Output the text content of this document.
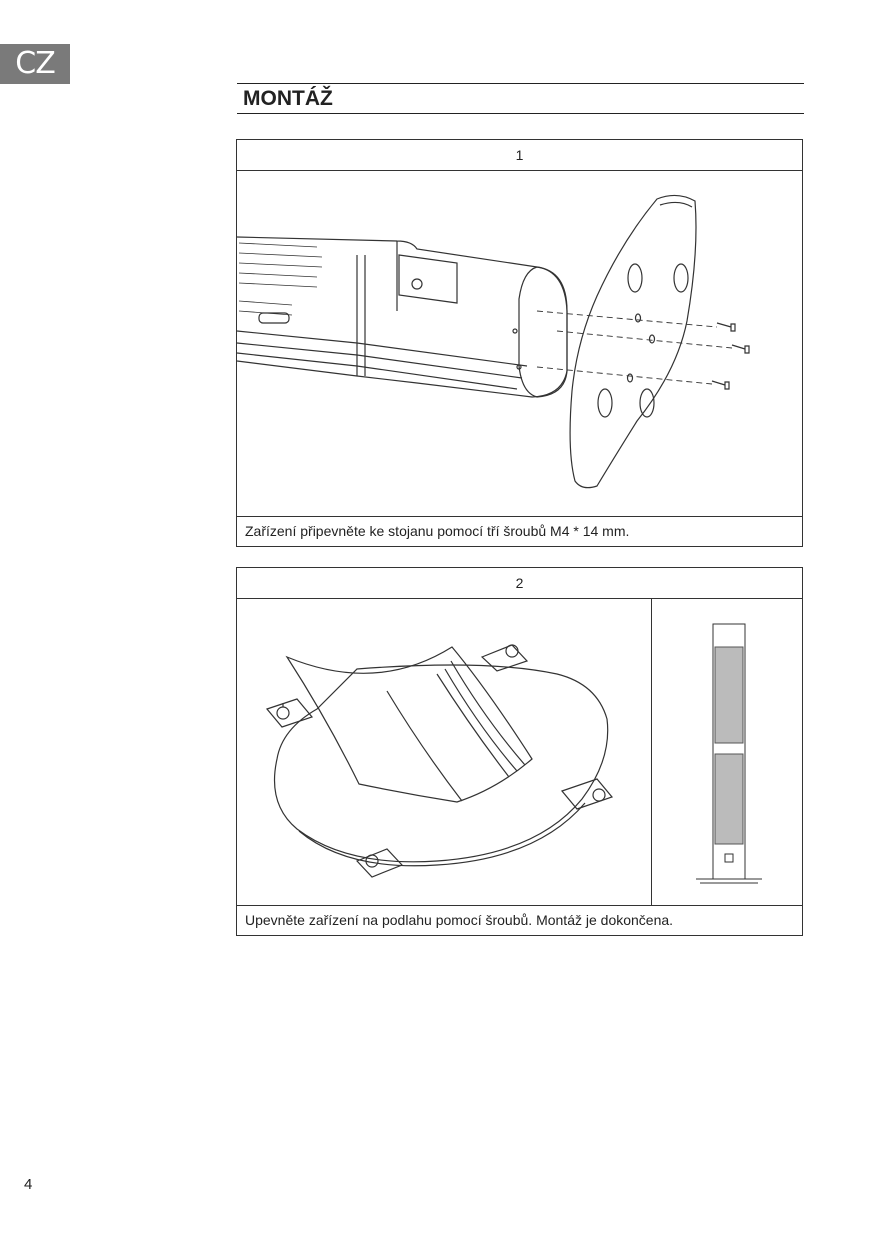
CZ
MONTÁŽ
1
Zařízení připevněte ke stojanu pomocí tří šroubů M4 * 14 mm.
2
Upevněte zařízení na podlahu pomocí šroubů. Montáž je dokončena.
4
